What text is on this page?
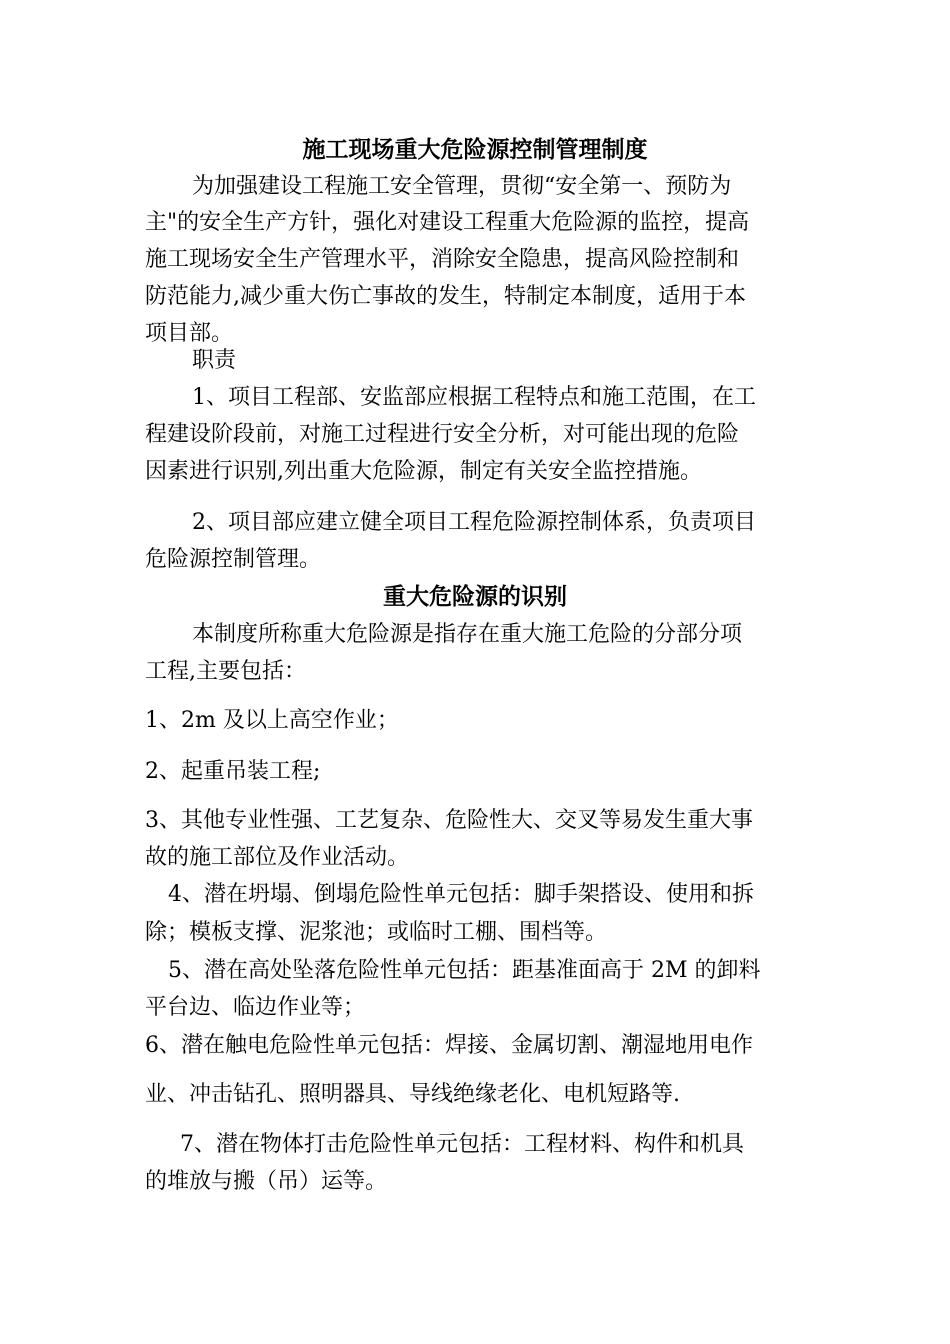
施工现场重大危险源控制管理制度
为加强建设工程施工安全管理，贯彻“安全第一、预防为
主"的安全生产方针，强化对建设工程重大危险源的监控，提高
施工现场安全生产管理水平，消除安全隐患，提高风险控制和
防范能力,减少重大伤亡事故的发生，特制定本制度，适用于本
项目部。
职责
1、项目工程部、安监部应根据工程特点和施工范围，在工
程建设阶段前，对施工过程进行安全分析，对可能出现的危险
因素进行识别,列出重大危险源，制定有关安全监控措施。
2、项目部应建立健全项目工程危险源控制体系，负责项目
危险源控制管理。
重大危险源的识别
本制度所称重大危险源是指存在重大施工危险的分部分项
工程,主要包括：
1、2m 及以上高空作业；
2、起重吊装工程;
3、其他专业性强、工艺复杂、危险性大、交叉等易发生重大事
故的施工部位及作业活动。
4、潜在坍塌、倒塌危险性单元包括：脚手架搭设、使用和拆
除；模板支撑、泥浆池；或临时工棚、围档等。
5、潜在高处坠落危险性单元包括：距基准面高于 2M 的卸料
平台边、临边作业等；
6、潜在触电危险性单元包括：焊接、金属切割、潮湿地用电作
业、冲击钻孔、照明器具、导线绝缘老化、电机短路等.
7、潜在物体打击危险性单元包括：工程材料、构件和机具
的堆放与搬（吊）运等。
